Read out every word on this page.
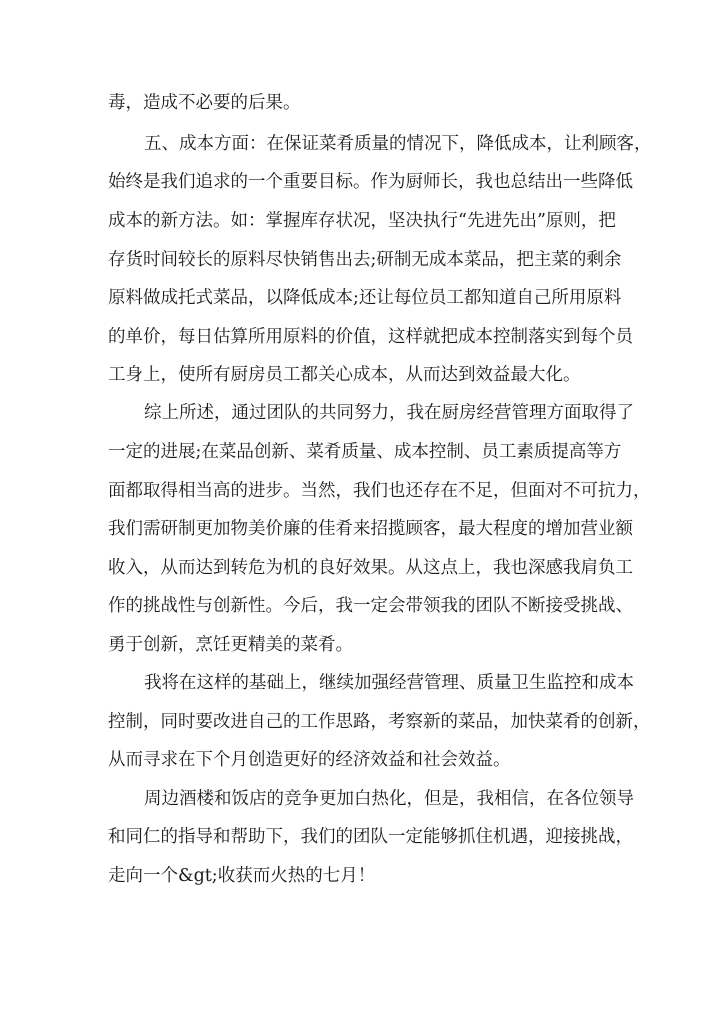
毒，造成不必要的后果。
五、成本方面：在保证菜肴质量的情况下，降低成本，让利顾客，
始终是我们追求的一个重要目标。作为厨师长，我也总结出一些降低
成本的新方法。如：掌握库存状况，坚决执行“先进先出”原则，把
存货时间较长的原料尽快销售出去;研制无成本菜品，把主菜的剩余
原料做成托式菜品，以降低成本;还让每位员工都知道自己所用原料
的单价，每日估算所用原料的价值，这样就把成本控制落实到每个员
工身上，使所有厨房员工都关心成本，从而达到效益最大化。
综上所述，通过团队的共同努力，我在厨房经营管理方面取得了
一定的进展;在菜品创新、菜肴质量、成本控制、员工素质提高等方
面都取得相当高的进步。当然，我们也还存在不足，但面对不可抗力，
我们需研制更加物美价廉的佳肴来招揽顾客，最大程度的增加营业额
收入，从而达到转危为机的良好效果。从这点上，我也深感我肩负工
作的挑战性与创新性。今后，我一定会带领我的团队不断接受挑战、
勇于创新，烹饪更精美的菜肴。
我将在这样的基础上，继续加强经营管理、质量卫生监控和成本
控制，同时要改进自己的工作思路，考察新的菜品，加快菜肴的创新，
从而寻求在下个月创造更好的经济效益和社会效益。
周边酒楼和饭店的竞争更加白热化，但是，我相信，在各位领导
和同仁的指导和帮助下，我们的团队一定能够抓住机遇，迎接挑战，
走向一个&gt;收获而火热的七月！
